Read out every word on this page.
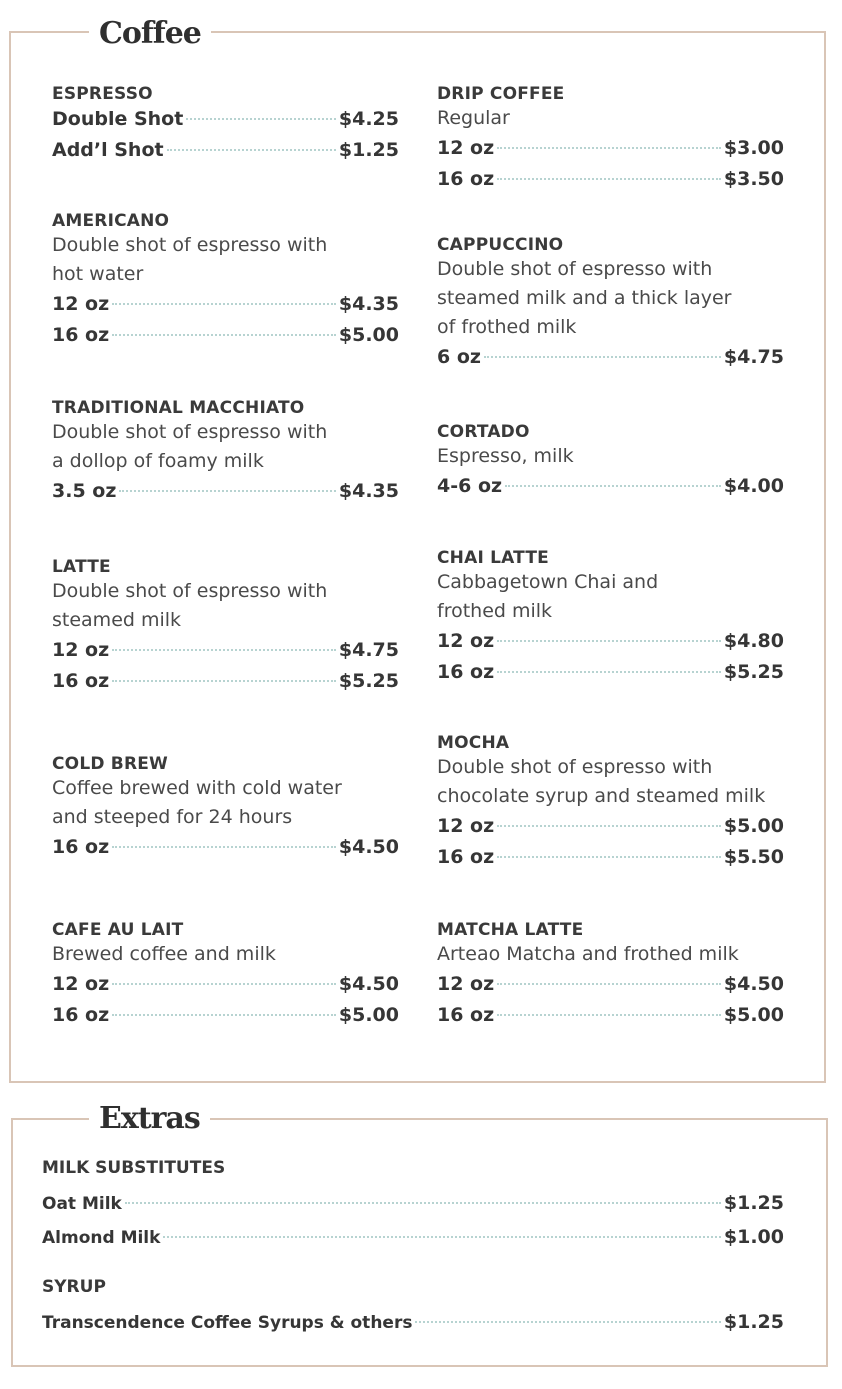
Coffee
ESPRESSO
Double Shot	$4.25
Add’l Shot	$1.25
AMERICANO
Double shot of espresso with
hot water
12 oz	$4.35
16 oz	$5.00
TRADITIONAL MACCHIATO
Double shot of espresso with
a dollop of foamy milk
3.5 oz	$4.35
LATTE
Double shot of espresso with
steamed milk
12 oz	$4.75
16 oz	$5.25
COLD BREW
Coffee brewed with cold water
and steeped for 24 hours
16 oz	$4.50
CAFE AU LAIT
Brewed coffee and milk
12 oz	$4.50
16 oz	$5.00
DRIP COFFEE
Regular
12 oz	$3.00
16 oz	$3.50
CAPPUCCINO
Double shot of espresso with
steamed milk and a thick layer
of frothed milk
6 oz	$4.75
CORTADO
Espresso, milk
4-6 oz	$4.00
CHAI LATTE
Cabbagetown Chai and
frothed milk
12 oz	$4.80
16 oz	$5.25
MOCHA
Double shot of espresso with
chocolate syrup and steamed milk
12 oz	$5.00
16 oz	$5.50
MATCHA LATTE
Arteao Matcha and frothed milk
12 oz	$4.50
16 oz	$5.00
Extras
MILK SUBSTITUTES
Oat Milk	$1.25
Almond Milk	$1.00
SYRUP
Transcendence Coffee Syrups & others	$1.25
